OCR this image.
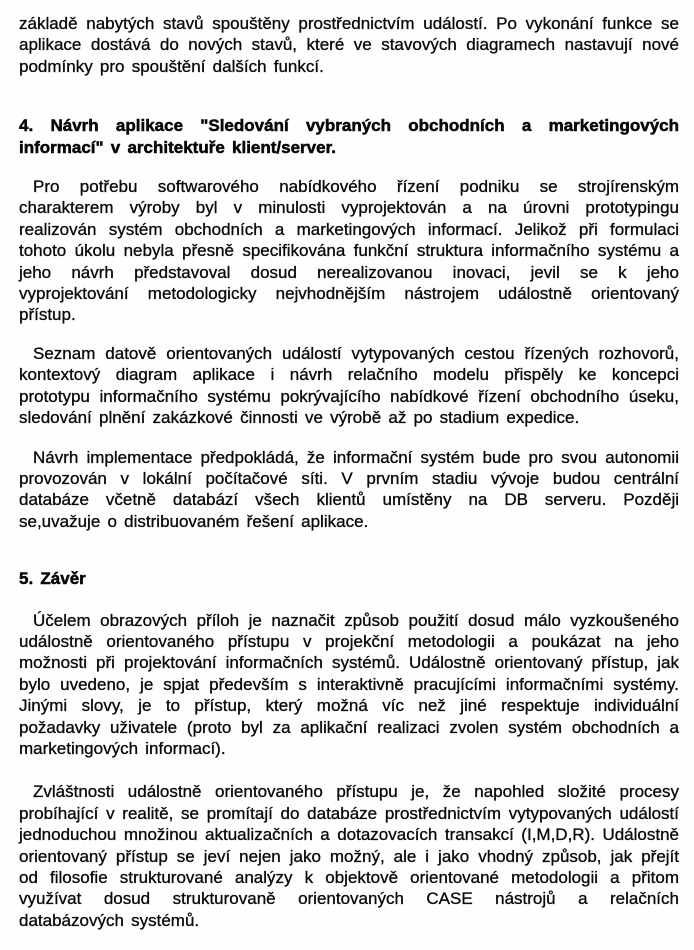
základě nabytých stavů spouštěny prostřednictvím událostí. Po vykonání funkce se aplikace dostává do nových stavů, které ve stavových diagramech nastavují nové podmínky pro spouštění dalších funkcí.

4. Návrh aplikace "Sledování vybraných obchodních a marketingových informací" v architektuře klient/server.

Pro potřebu softwarového nabídkového řízení podniku se strojírenským charakterem výroby byl v minulosti vyprojektován a na úrovni prototypingu realizován systém obchodních a marketingových informací. Jelikož při formulaci tohoto úkolu nebyla přesně specifikována funkční struktura informačního systému a jeho návrh představoval dosud nerealizovanou inovaci, jevil se k jeho vyprojektování metodologicky nejvhodnějším nástrojem událostně orientovaný přístup.

Seznam datově orientovaných událostí vytypovaných cestou řízených rozhovorů, kontextový diagram aplikace i návrh relačního modelu přispěly ke koncepci prototypu informačního systému pokrývajícího nabídkové řízení obchodního úseku, sledování plnění zakázkové činnosti ve výrobě až po stadium expedice.

Návrh implementace předpokládá, že informační systém bude pro svou autonomii provozován v lokální počítačové síti. V prvním stadiu vývoje budou centrální databáze včetně databází všech klientů umístěny na DB serveru. Později se,uvažuje o distribuovaném řešení aplikace.

5. Závěr

Účelem obrazových příloh je naznačit způsob použití dosud málo vyzkoušeného událostně orientovaného přístupu v projekční metodologii a poukázat na jeho možnosti při projektování informačních systémů. Událostně orientovaný přístup, jak bylo uvedeno, je spjat především s interaktivně pracujícími informačními systémy. Jinými slovy, je to přístup, který možná víc než jiné respektuje individuální požadavky uživatele (proto byl za aplikační realizaci zvolen systém obchodních a marketingových informací).

Zvláštnosti událostně orientovaného přístupu je, že napohled složité procesy probíhající v realitě, se promítají do databáze prostřednictvím vytypovaných událostí jednoduchou množinou aktualizačních a dotazovacích transakcí (I,M,D,R). Událostně orientovaný přístup se jeví nejen jako možný, ale i jako vhodný způsob, jak přejít od filosofie strukturované analýzy k objektově orientované metodologii a přitom využívat dosud strukturovaně orientovaných CASE nástrojů a relačních databázových systémů.
